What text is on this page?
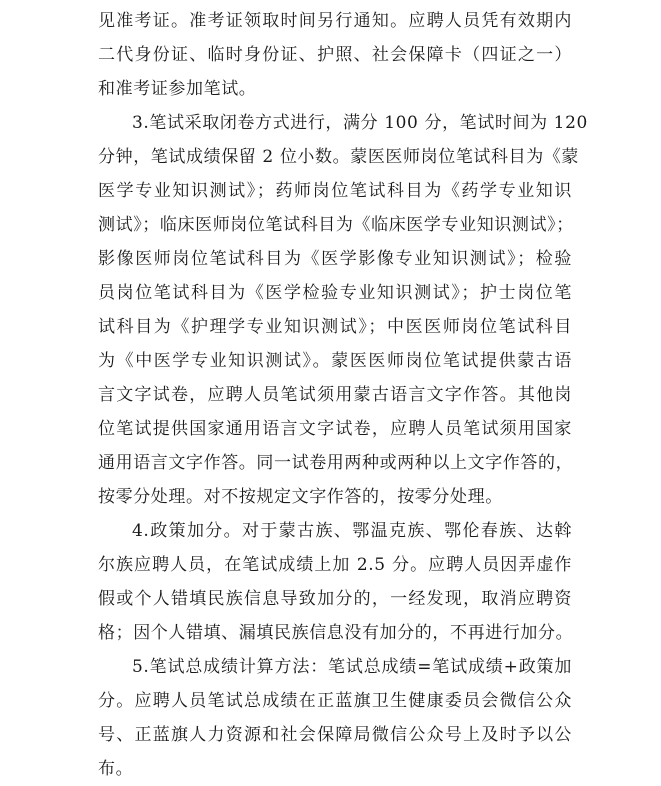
见准考证。准考证领取时间另行通知。应聘人员凭有效期内
二代身份证、临时身份证、护照、社会保障卡（四证之一）
和准考证参加笔试。
3.笔试采取闭卷方式进行，满分 100 分，笔试时间为 120
分钟，笔试成绩保留 2 位小数。蒙医医师岗位笔试科目为《蒙
医学专业知识测试》；药师岗位笔试科目为《药学专业知识
测试》；临床医师岗位笔试科目为《临床医学专业知识测试》；
影像医师岗位笔试科目为《医学影像专业知识测试》；检验
员岗位笔试科目为《医学检验专业知识测试》；护士岗位笔
试科目为《护理学专业知识测试》；中医医师岗位笔试科目
为《中医学专业知识测试》。蒙医医师岗位笔试提供蒙古语
言文字试卷，应聘人员笔试须用蒙古语言文字作答。其他岗
位笔试提供国家通用语言文字试卷，应聘人员笔试须用国家
通用语言文字作答。同一试卷用两种或两种以上文字作答的，
按零分处理。对不按规定文字作答的，按零分处理。
4.政策加分。对于蒙古族、鄂温克族、鄂伦春族、达斡
尔族应聘人员，在笔试成绩上加 2.5 分。应聘人员因弄虚作
假或个人错填民族信息导致加分的，一经发现，取消应聘资
格；因个人错填、漏填民族信息没有加分的，不再进行加分。
5.笔试总成绩计算方法：笔试总成绩=笔试成绩+政策加
分。应聘人员笔试总成绩在正蓝旗卫生健康委员会微信公众
号、正蓝旗人力资源和社会保障局微信公众号上及时予以公
布。
